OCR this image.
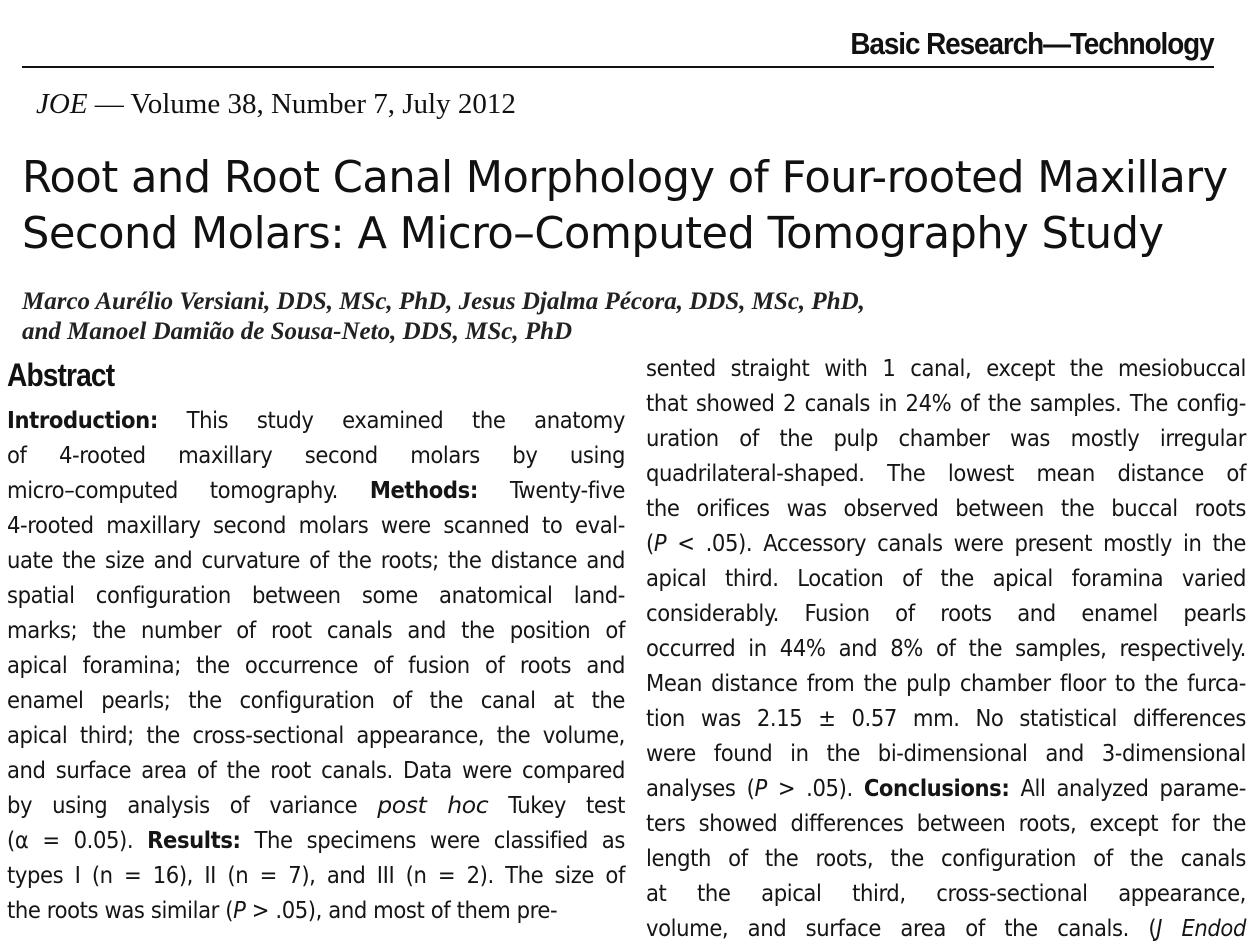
Basic Research—Technology
JOE — Volume 38, Number 7, July 2012
Root and Root Canal Morphology of Four-rooted Maxillary
Second Molars: A Micro–Computed Tomography Study
Marco Aurélio Versiani, DDS, MSc, PhD, Jesus Djalma Pécora, DDS, MSc, PhD,
and Manoel Damião de Sousa-Neto, DDS, MSc, PhD
Abstract
Introduction: This study examined the anatomy
of 4-rooted maxillary second molars by using
micro–computed tomography. Methods: Twenty-five
4-rooted maxillary second molars were scanned to eval-
uate the size and curvature of the roots; the distance and
spatial configuration between some anatomical land-
marks; the number of root canals and the position of
apical foramina; the occurrence of fusion of roots and
enamel pearls; the configuration of the canal at the
apical third; the cross-sectional appearance, the volume,
and surface area of the root canals. Data were compared
by using analysis of variance post hoc Tukey test
(α = 0.05). Results: The specimens were classified as
types I (n = 16), II (n = 7), and III (n = 2). The size of
the roots was similar (P > .05), and most of them pre-
sented straight with 1 canal, except the mesiobuccal
that showed 2 canals in 24% of the samples. The config-
uration of the pulp chamber was mostly irregular
quadrilateral-shaped. The lowest mean distance of
the orifices was observed between the buccal roots
(P < .05). Accessory canals were present mostly in the
apical third. Location of the apical foramina varied
considerably. Fusion of roots and enamel pearls
occurred in 44% and 8% of the samples, respectively.
Mean distance from the pulp chamber floor to the furca-
tion was 2.15 ± 0.57 mm. No statistical differences
were found in the bi-dimensional and 3-dimensional
analyses (P > .05). Conclusions: All analyzed parame-
ters showed differences between roots, except for the
length of the roots, the configuration of the canals
at the apical third, cross-sectional appearance,
volume, and surface area of the canals. (J Endod
